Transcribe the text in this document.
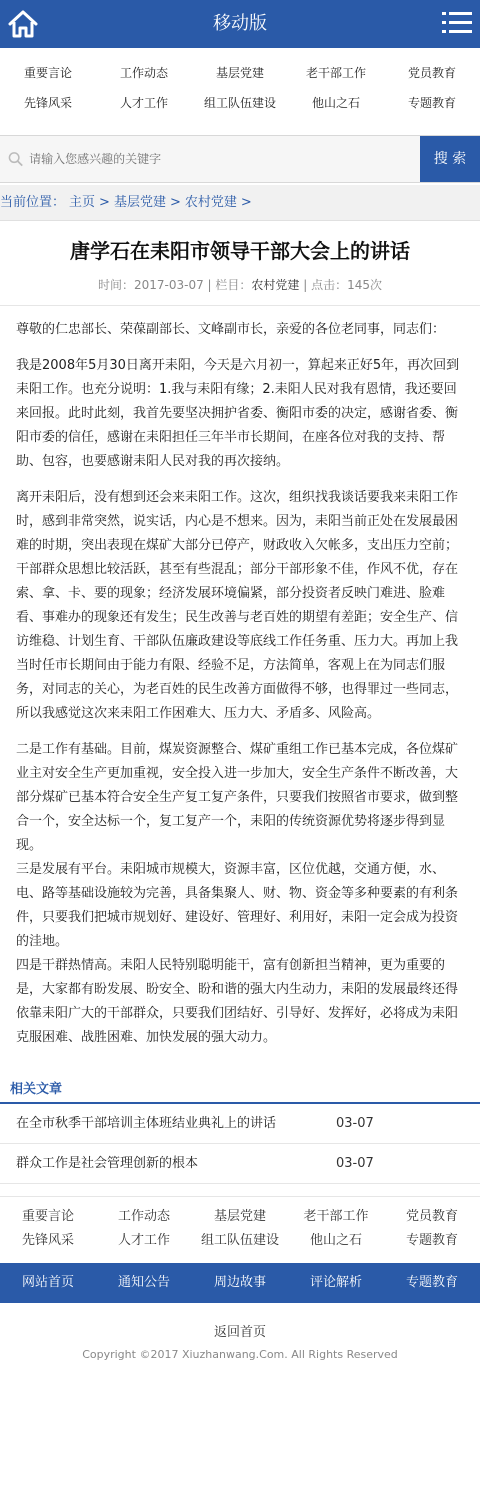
移动版
重要言论	工作动态	基层党建	老干部工作	党员教育
先锋风采	人才工作	组工队伍建设	他山之石	专题教育
请输入您感兴趣的关键字
搜 索
当前位置： 主页 > 基层党建 > 农村党建 >
唐学石在耒阳市领导干部大会上的讲话
时间：2017-03-07 | 栏目：农村党建 | 点击：145次

尊敬的仁忠部长、荣葆副部长、文峰副市长，亲爱的各位老同事，同志们：

我是2008年5月30日离开耒阳，今天是六月初一，算起来正好5年，再次回到耒阳工作。也充分说明：1.我与耒阳有缘；2.耒阳人民对我有恩情，我还要回来回报。此时此刻，我首先要坚决拥护省委、衡阳市委的决定，感谢省委、衡阳市委的信任，感谢在耒阳担任三年半市长期间，在座各位对我的支持、帮助、包容，也要感谢耒阳人民对我的再次接纳。

离开耒阳后，没有想到还会来耒阳工作。这次，组织找我谈话要我来耒阳工作时，感到非常突然，说实话，内心是不想来。因为，耒阳当前正处在发展最困难的时期，突出表现在煤矿大部分已停产，财政收入欠帐多，支出压力空前；干部群众思想比较活跃，甚至有些混乱；部分干部形象不佳，作风不优，存在索、拿、卡、要的现象；经济发展环境偏紧，部分投资者反映门难进、脸难看、事难办的现象还有发生；民生改善与老百姓的期望有差距；安全生产、信访维稳、计划生育、干部队伍廉政建设等底线工作任务重、压力大。再加上我当时任市长期间由于能力有限、经验不足，方法简单，客观上在为同志们服务，对同志的关心，为老百姓的民生改善方面做得不够，也得罪过一些同志，所以我感觉这次来耒阳工作困难大、压力大、矛盾多、风险高。

二是工作有基础。目前，煤炭资源整合、煤矿重组工作已基本完成，各位煤矿业主对安全生产更加重视，安全投入进一步加大，安全生产条件不断改善，大部分煤矿已基本符合安全生产复工复产条件，只要我们按照省市要求，做到整合一个，安全达标一个，复工复产一个，耒阳的传统资源优势将逐步得到显现。

三是发展有平台。耒阳城市规模大，资源丰富，区位优越，交通方便，水、电、路等基础设施较为完善，具备集聚人、财、物、资金等多种要素的有利条件，只要我们把城市规划好、建设好、管理好、利用好，耒阳一定会成为投资的洼地。

四是干群热情高。耒阳人民特别聪明能干，富有创新担当精神，更为重要的是，大家都有盼发展、盼安全、盼和谐的强大内生动力，耒阳的发展最终还得依靠耒阳广大的干部群众，只要我们团结好、引导好、发挥好，必将成为耒阳克服困难、战胜困难、加快发展的强大动力。

相关文章
在全市秋季干部培训主体班结业典礼上的讲话	03-07
群众工作是社会管理创新的根本	03-07
重要言论	工作动态	基层党建	老干部工作	党员教育
先锋风采	人才工作	组工队伍建设	他山之石	专题教育
网站首页	通知公告	周边故事	评论解析	专题教育
返回首页
Copyright ©2017 Xiuzhanwang.Com. All Rights Reserved
